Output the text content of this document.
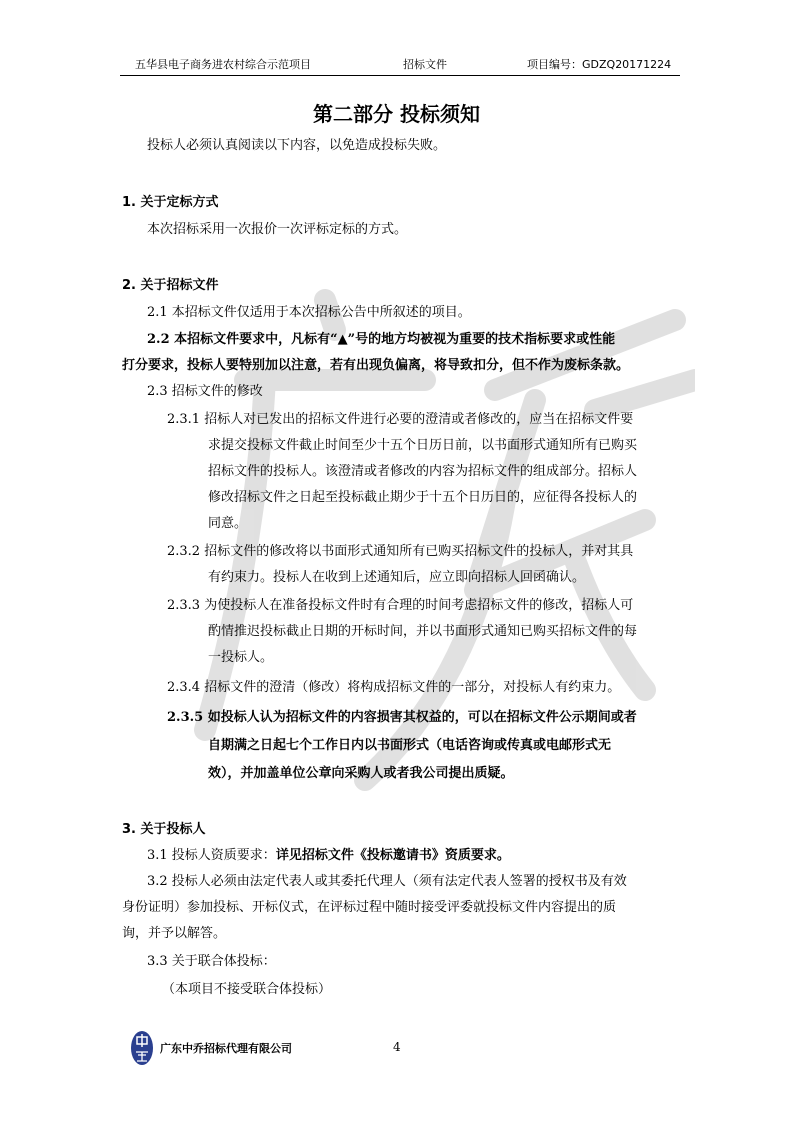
五华县电子商务进农村综合示范项目	招标文件	项目编号：GDZQ20171224
第二部分 投标须知
投标人必须认真阅读以下内容，以免造成投标失败。
1. 关于定标方式
本次招标采用一次报价一次评标定标的方式。
2. 关于招标文件
2.1 本招标文件仅适用于本次招标公告中所叙述的项目。
2.2 本招标文件要求中，凡标有“▲”号的地方均被视为重要的技术指标要求或性能
打分要求，投标人要特别加以注意，若有出现负偏离，将导致扣分，但不作为废标条款。
2.3 招标文件的修改
2.3.1 招标人对已发出的招标文件进行必要的澄清或者修改的，应当在招标文件要
求提交投标文件截止时间至少十五个日历日前，以书面形式通知所有已购买
招标文件的投标人。该澄清或者修改的内容为招标文件的组成部分。招标人
修改招标文件之日起至投标截止期少于十五个日历日的，应征得各投标人的
同意。
2.3.2 招标文件的修改将以书面形式通知所有已购买招标文件的投标人，并对其具
有约束力。投标人在收到上述通知后，应立即向招标人回函确认。
2.3.3 为使投标人在准备投标文件时有合理的时间考虑招标文件的修改，招标人可
酌情推迟投标截止日期的开标时间，并以书面形式通知已购买招标文件的每
一投标人。
2.3.4 招标文件的澄清（修改）将构成招标文件的一部分，对投标人有约束力。
2.3.5 如投标人认为招标文件的内容损害其权益的，可以在招标文件公示期间或者
自期满之日起七个工作日内以书面形式（电话咨询或传真或电邮形式无
效），并加盖单位公章向采购人或者我公司提出质疑。
3. 关于投标人
3.1 投标人资质要求：详见招标文件《投标邀请书》资质要求。
3.2 投标人必须由法定代表人或其委托代理人（须有法定代表人签署的授权书及有效
身份证明）参加投标、开标仪式，在评标过程中随时接受评委就投标文件内容提出的质
询，并予以解答。
3.3 关于联合体投标：
（本项目不接受联合体投标）
广东中乔招标代理有限公司	4
